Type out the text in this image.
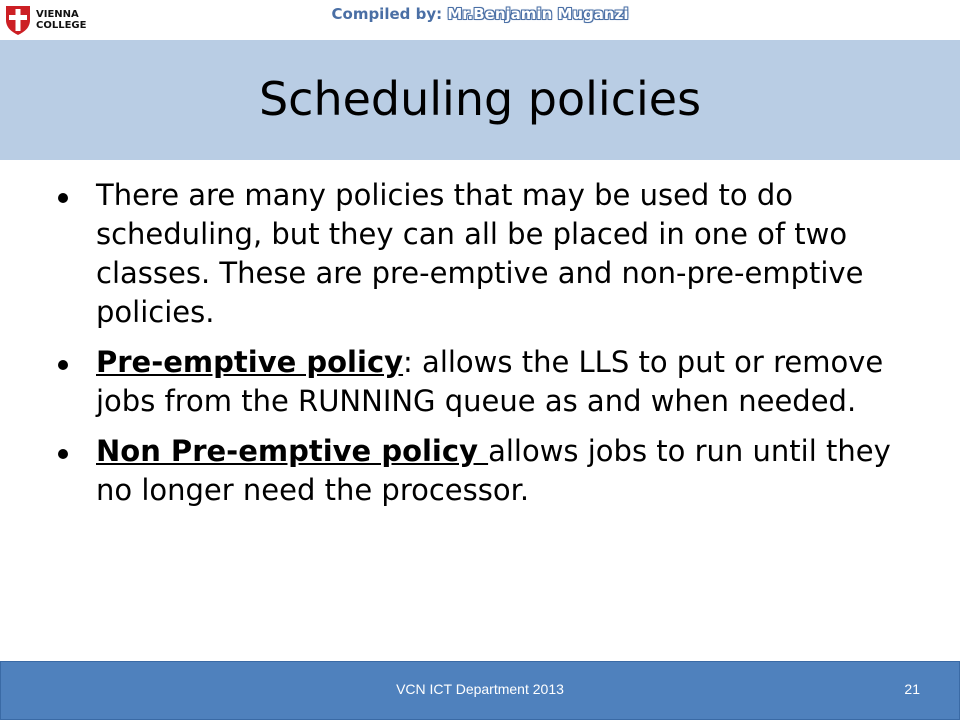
VIENNA
COLLEGE
Compiled by: Mr.Benjamin Muganzi
Scheduling policies
There are many policies that may be used to do scheduling, but they can all be placed in one of two classes. These are pre-emptive and non-pre-emptive policies.
Pre-emptive policy: allows the LLS to put or remove jobs from the RUNNING queue as and when needed.
Non Pre-emptive policy allows jobs to run until they no longer need the processor.
VCN ICT Department 2013	21
